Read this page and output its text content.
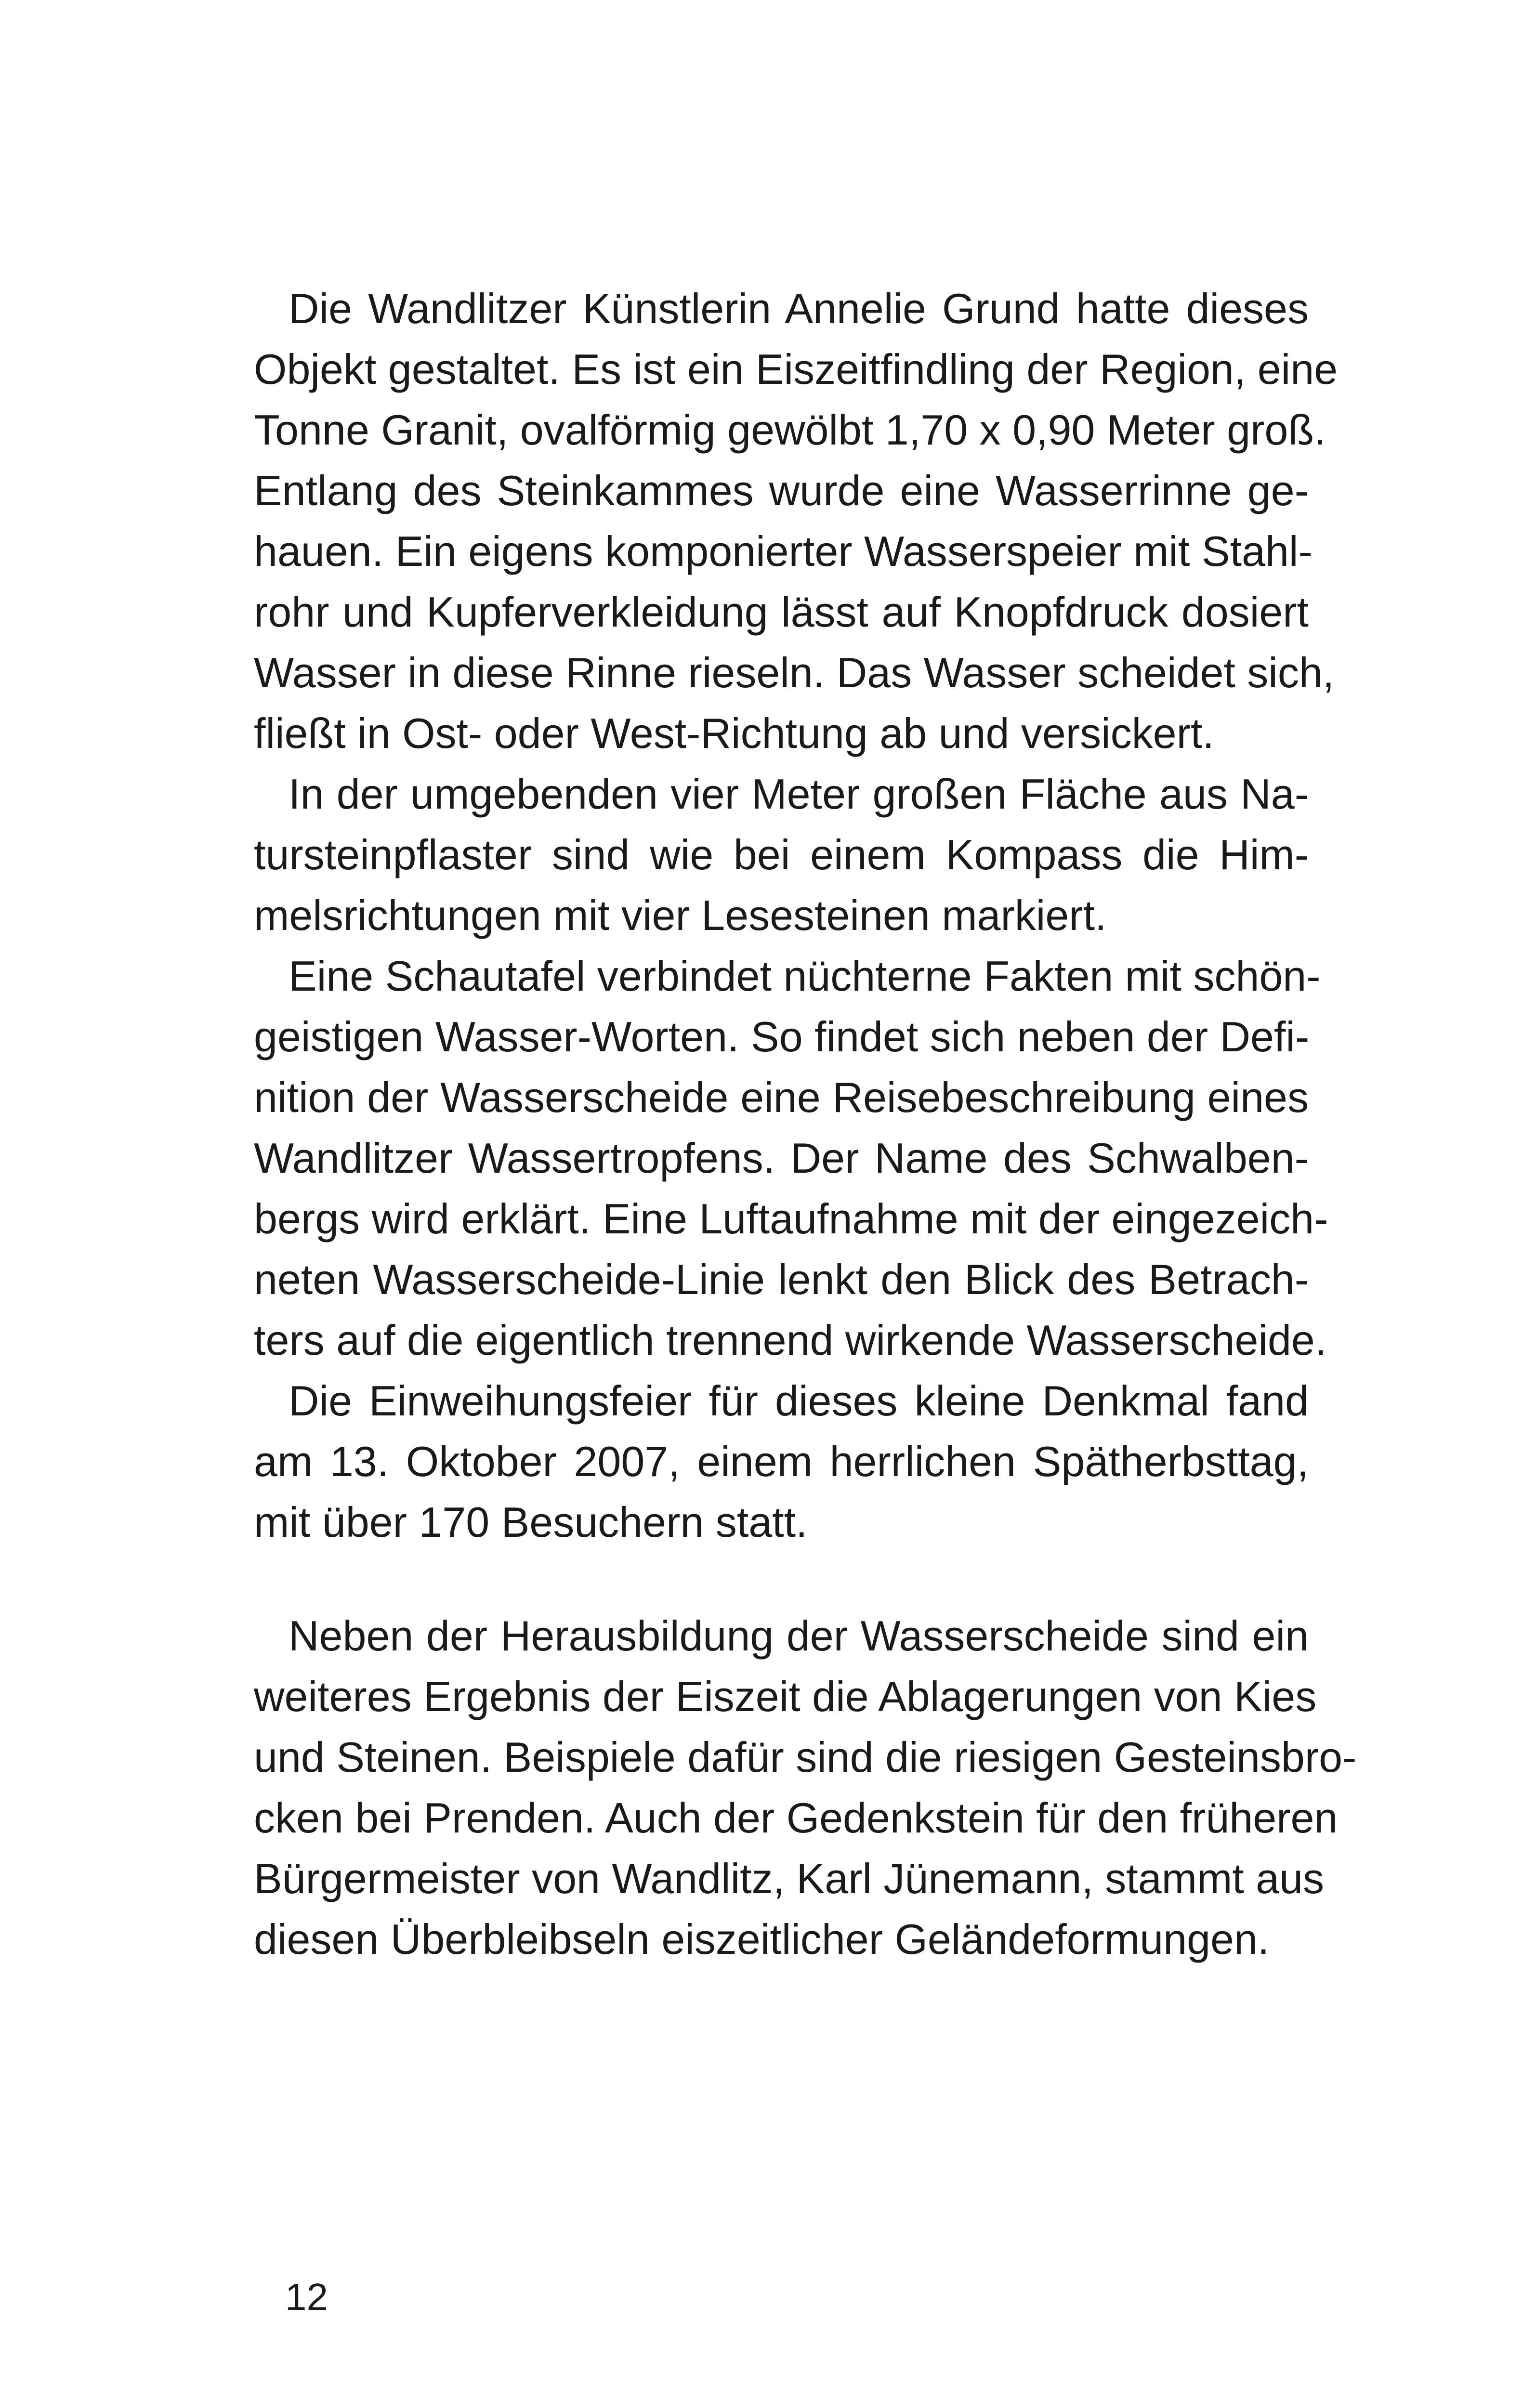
Die Wandlitzer Künstlerin Annelie Grund hatte dieses
Objekt gestaltet. Es ist ein Eiszeitfindling der Region, eine
Tonne Granit, ovalförmig gewölbt 1,70 x 0,90 Meter groß.
Entlang des Steinkammes wurde eine Wasserrinne ge-
hauen. Ein eigens komponierter Wasserspeier mit Stahl-
rohr und Kupferverkleidung lässt auf Knopfdruck dosiert
Wasser in diese Rinne rieseln. Das Wasser scheidet sich,
fließt in Ost- oder West-Richtung ab und versickert.
In der umgebenden vier Meter großen Fläche aus Na-
tursteinpflaster sind wie bei einem Kompass die Him-
melsrichtungen mit vier Lesesteinen markiert.
Eine Schautafel verbindet nüchterne Fakten mit schön-
geistigen Wasser-Worten. So findet sich neben der Defi-
nition der Wasserscheide eine Reisebeschreibung eines
Wandlitzer Wassertropfens. Der Name des Schwalben-
bergs wird erklärt. Eine Luftaufnahme mit der eingezeich-
neten Wasserscheide-Linie lenkt den Blick des Betrach-
ters auf die eigentlich trennend wirkende Wasserscheide.
Die Einweihungsfeier für dieses kleine Denkmal fand
am 13. Oktober 2007, einem herrlichen Spätherbsttag,
mit über 170 Besuchern statt.
Neben der Herausbildung der Wasserscheide sind ein
weiteres Ergebnis der Eiszeit die Ablagerungen von Kies
und Steinen. Beispiele dafür sind die riesigen Gesteinsbro-
cken bei Prenden. Auch der Gedenkstein für den früheren
Bürgermeister von Wandlitz, Karl Jünemann, stammt aus
diesen Überbleibseln eiszeitlicher Geländeformungen.
12
